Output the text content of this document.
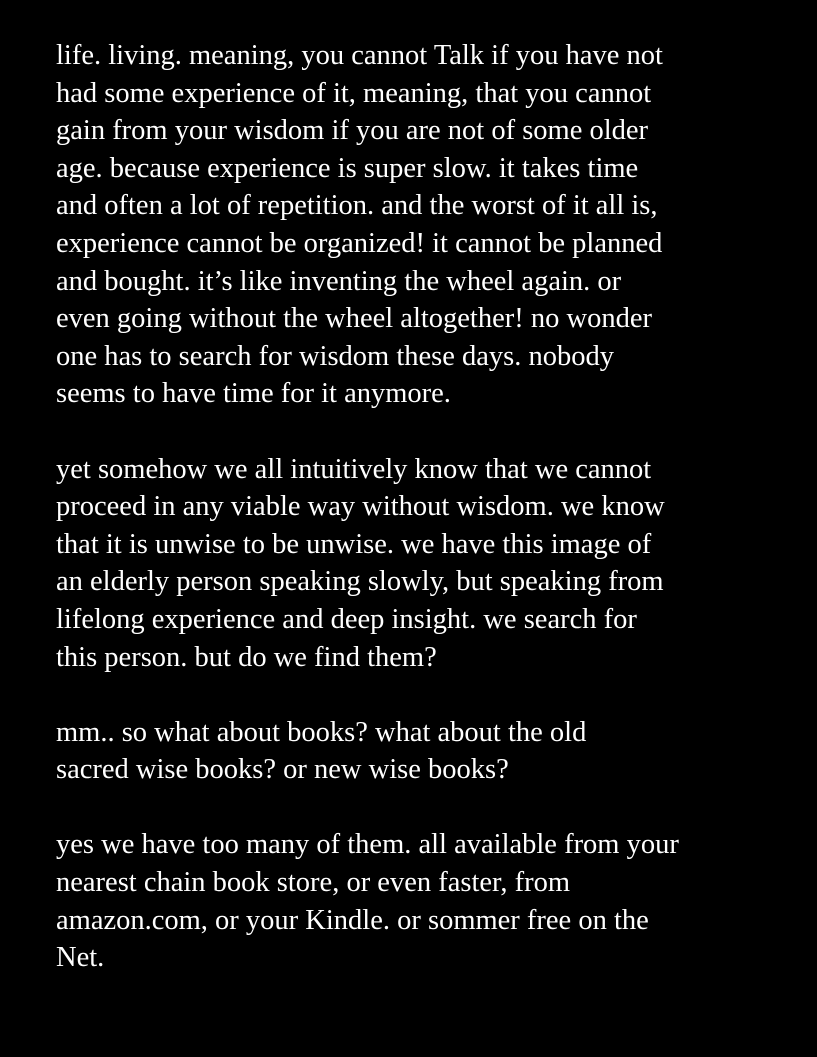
life. living. meaning, you cannot Talk if you have not
had some experience of it, meaning, that you cannot
gain from your wisdom if you are not of some older
age. because experience is super slow. it takes time
and often a lot of repetition. and the worst of it all is,
experience cannot be organized! it cannot be planned
and bought. it’s like inventing the wheel again. or
even going without the wheel altogether! no wonder
one has to search for wisdom these days. nobody
seems to have time for it anymore.

yet somehow we all intuitively know that we cannot
proceed in any viable way without wisdom. we know
that it is unwise to be unwise. we have this image of
an elderly person speaking slowly, but speaking from
lifelong experience and deep insight. we search for
this person. but do we find them?

mm.. so what about books? what about the old
sacred wise books? or new wise books?

yes we have too many of them. all available from your
nearest chain book store, or even faster, from
amazon.com, or your Kindle. or sommer free on the
Net.
